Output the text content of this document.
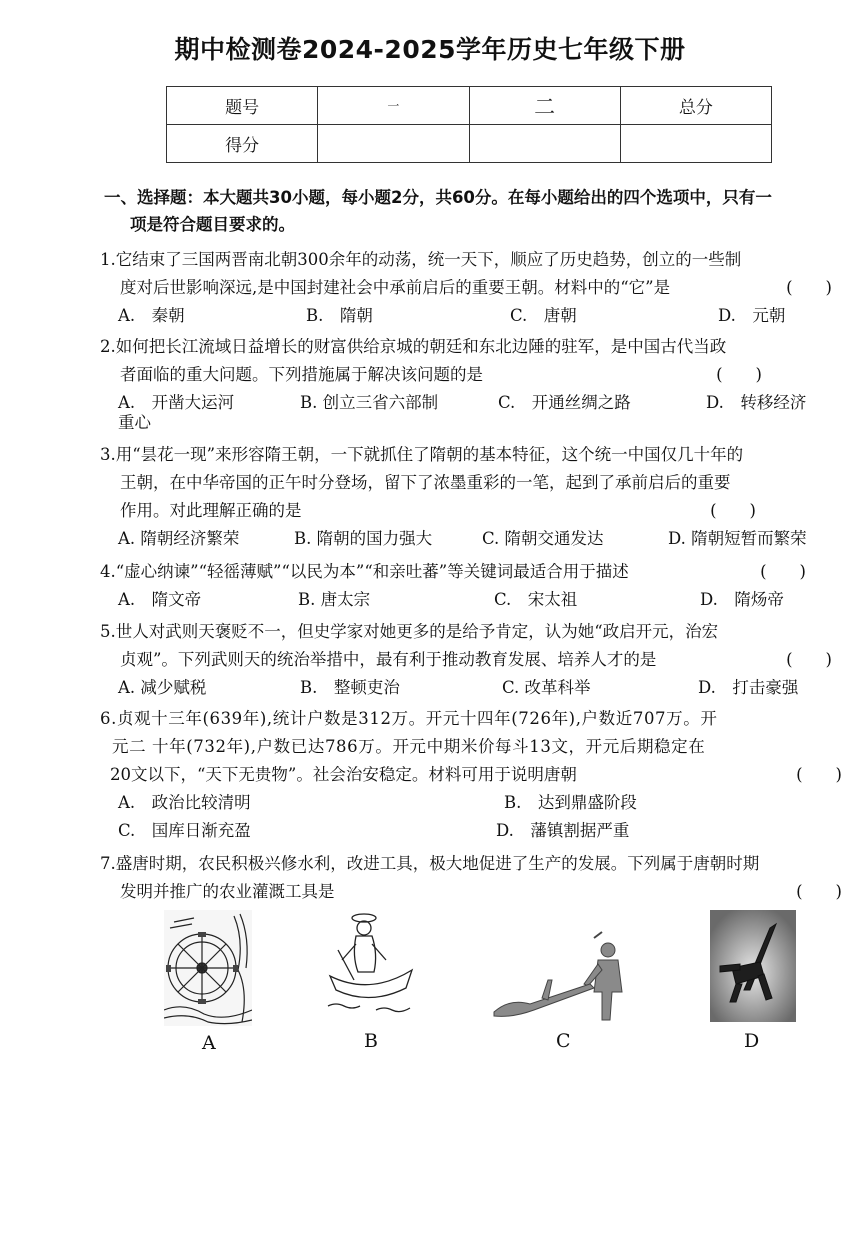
期中检测卷2024-2025学年历史七年级下册
题号	一	二	总分
得分			
一、选择题：本大题共30小题，每小题2分，共60分。在每小题给出的四个选项中，只有一
项是符合题目要求的。
1.它结束了三国两晋南北朝300余年的动荡，统一天下，顺应了历史趋势，创立的一些制
度对后世影响深远,是中国封建社会中承前启后的重要王朝。材料中的“它”是	(　　)
A.　秦朝	B.　隋朝	C.　唐朝	D.　元朝
2.如何把长江流域日益增长的财富供给京城的朝廷和东北边陲的驻军，是中国古代当政
者面临的重大问题。下列措施属于解决该问题的是	(　　)
A.　开凿大运河	B. 创立三省六部制	C.　开通丝绸之路	D.　转移经济
重心
3.用“昙花一现”来形容隋王朝，一下就抓住了隋朝的基本特征，这个统一中国仅几十年的
王朝，在中华帝国的正午时分登场，留下了浓墨重彩的一笔，起到了承前启后的重要
作用。对此理解正确的是	(　　)
A. 隋朝经济繁荣	B. 隋朝的国力强大	C. 隋朝交通发达	D. 隋朝短暂而繁荣
4.“虚心纳谏”“轻徭薄赋”“以民为本”“和亲吐蕃”等关键词最适合用于描述	(　　)
A.　隋文帝	B. 唐太宗	C.　宋太祖	D.　隋炀帝
5.世人对武则天褒贬不一，但史学家对她更多的是给予肯定，认为她“政启开元，治宏
贞观”。下列武则天的统治举措中，最有利于推动教育发展、培养人才的是	(　　)
A. 减少赋税	B.　整顿吏治	C. 改革科举	D.　打击豪强
6.贞观十三年(639年),统计户数是312万。开元十四年(726年),户数近707万。开
元二 十年(732年),户数已达786万。开元中期米价每斗13文，开元后期稳定在
20文以下，“天下无贵物”。社会治安稳定。材料可用于说明唐朝	(　　)
A.　政治比较清明	B.　达到鼎盛阶段
C.　国库日渐充盈	D.　藩镇割据严重
7.盛唐时期，农民积极兴修水利，改进工具，极大地促进了生产的发展。下列属于唐朝时期
发明并推广的农业灌溉工具是	(　　)
A	B	C	D
